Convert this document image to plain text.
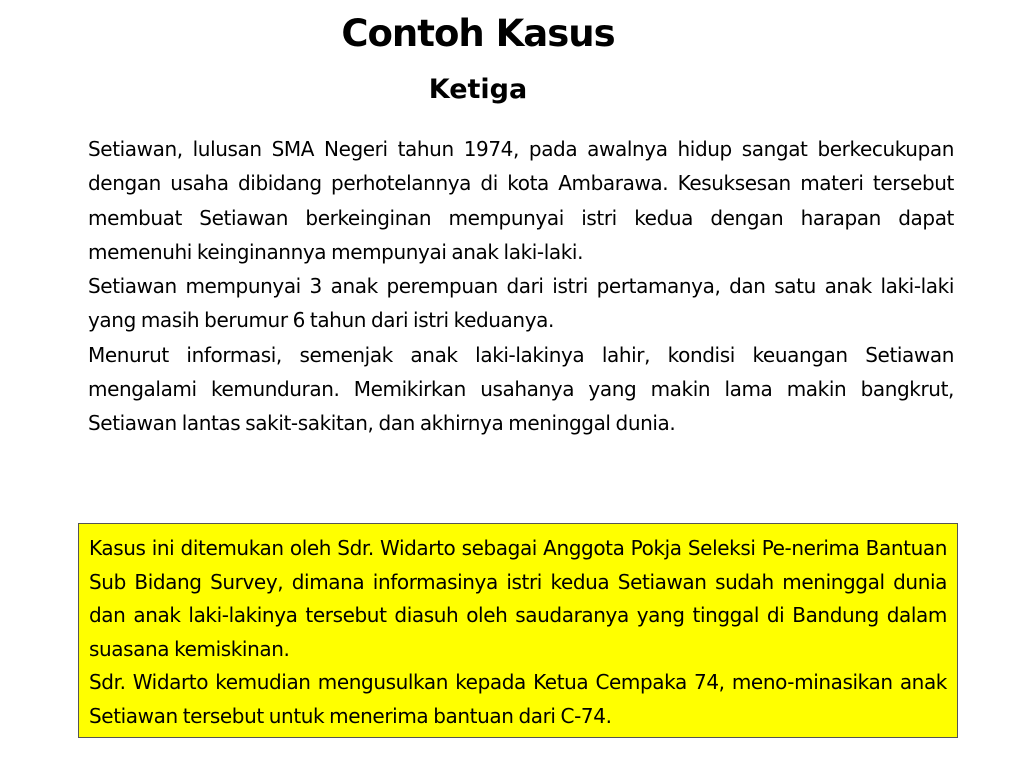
Contoh Kasus
Ketiga

Setiawan, lulusan SMA Negeri tahun 1974, pada awalnya hidup sangat berkecukupan dengan usaha dibidang perhotelannya di kota Ambarawa. Kesuksesan materi tersebut membuat Setiawan berkeinginan mempunyai istri kedua dengan harapan dapat memenuhi keinginannya mempunyai anak laki-laki.

Setiawan mempunyai 3 anak perempuan dari istri pertamanya, dan satu anak laki-laki yang masih berumur 6 tahun dari istri keduanya.

Menurut informasi, semenjak anak laki-lakinya lahir, kondisi keuangan Setiawan mengalami kemunduran. Memikirkan usahanya yang makin lama makin bangkrut, Setiawan lantas sakit-sakitan, dan akhirnya meninggal dunia.

Kasus ini ditemukan oleh Sdr. Widarto sebagai Anggota Pokja Seleksi Pe-nerima Bantuan Sub Bidang Survey, dimana informasinya istri kedua Setiawan sudah meninggal dunia dan anak laki-lakinya tersebut diasuh oleh saudaranya yang tinggal di Bandung dalam suasana kemiskinan.

Sdr. Widarto kemudian mengusulkan kepada Ketua Cempaka 74, meno-minasikan anak Setiawan tersebut untuk menerima bantuan dari C-74.
